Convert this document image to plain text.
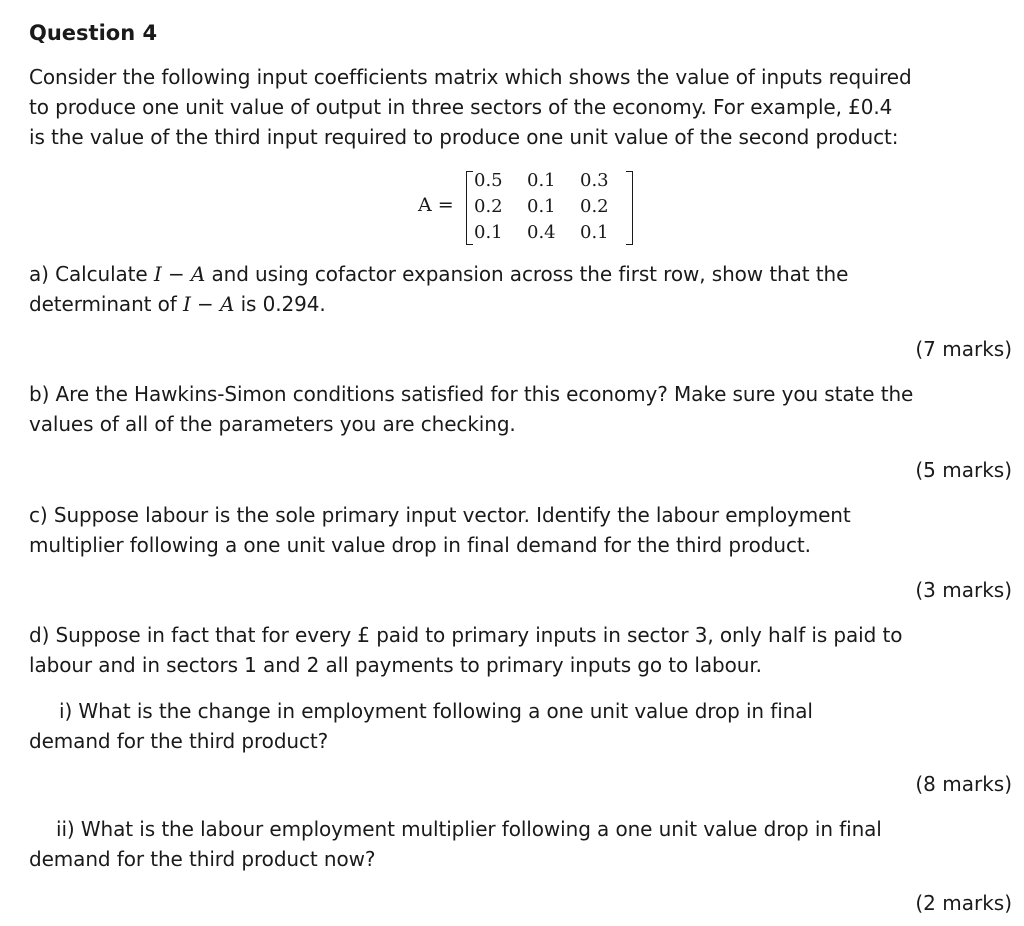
Question 4
Consider the following input coefficients matrix which shows the value of inputs required
to produce one unit value of output in three sectors of the economy. For example, £0.4
is the value of the third input required to produce one unit value of the second product:
A =
0.5 0.1 0.3
0.2 0.1 0.2
0.1 0.4 0.1
a) Calculate I − A and using cofactor expansion across the first row, show that the
determinant of I − A is 0.294.
(7 marks)
b) Are the Hawkins-Simon conditions satisfied for this economy? Make sure you state the
values of all of the parameters you are checking.
(5 marks)
c) Suppose labour is the sole primary input vector. Identify the labour employment
multiplier following a one unit value drop in final demand for the third product.
(3 marks)
d) Suppose in fact that for every £ paid to primary inputs in sector 3, only half is paid to
labour and in sectors 1 and 2 all payments to primary inputs go to labour.
i) What is the change in employment following a one unit value drop in final
demand for the third product?
(8 marks)
ii) What is the labour employment multiplier following a one unit value drop in final
demand for the third product now?
(2 marks)
